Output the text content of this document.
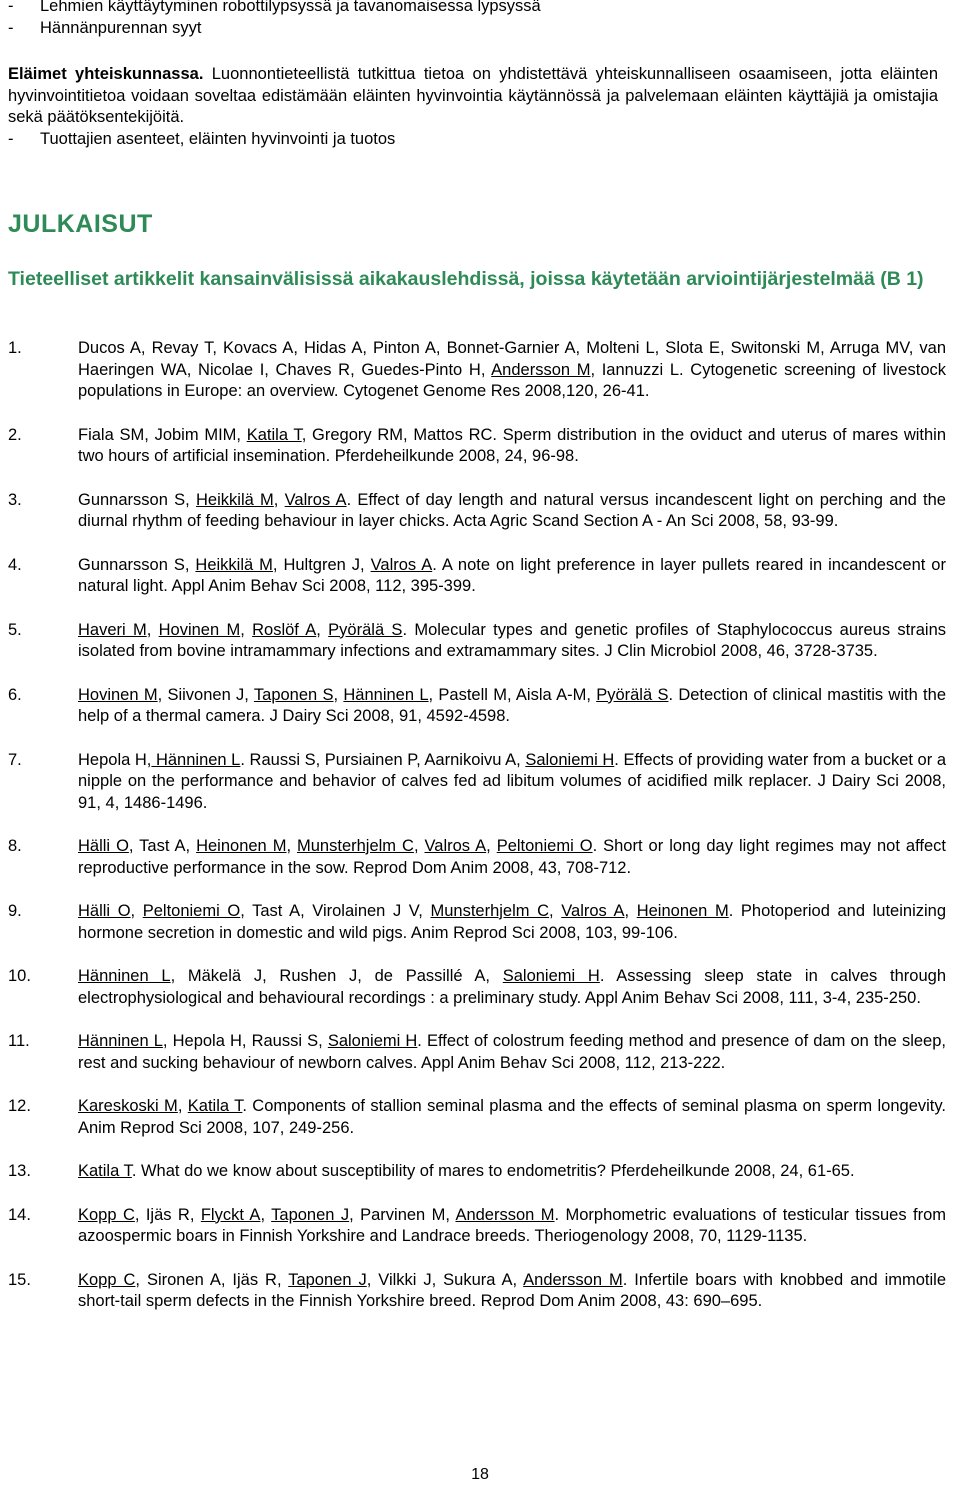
- Lehmien käyttäytyminen robottilypsyssä ja tavanomaisessa lypsyssä
- Hännänpurennan syyt
Eläimet yhteiskunnassa. Luonnontieteellistä tutkittua tietoa on yhdistettävä yhteiskunnalliseen osaamiseen, jotta eläinten hyvinvointitietoa voidaan soveltaa edistämään eläinten hyvinvointia käytännössä ja palvelemaan eläinten käyttäjiä ja omistajia sekä päätöksentekijöitä.
- Tuottajien asenteet, eläinten hyvinvointi ja tuotos
JULKAISUT
Tieteelliset artikkelit kansainvälisissä aikakauslehdissä, joissa käytetään arviointijärjestelmää (B 1)
1.	Ducos A, Revay T, Kovacs A, Hidas A, Pinton A, Bonnet-Garnier A, Molteni L, Slota E, Switonski M, Arruga MV, van Haeringen WA, Nicolae I, Chaves R, Guedes-Pinto H, Andersson M, Iannuzzi L. Cytogenetic screening of livestock populations in Europe: an overview. Cytogenet Genome Res 2008,120, 26-41.
2.	Fiala SM, Jobim MIM, Katila T, Gregory RM, Mattos RC. Sperm distribution in the oviduct and uterus of mares within two hours of artificial insemination. Pferdeheilkunde 2008, 24, 96-98.
3.	Gunnarsson S, Heikkilä M, Valros A. Effect of day length and natural versus incandescent light on perching and the diurnal rhythm of feeding behaviour in layer chicks. Acta Agric Scand Section A - An Sci 2008, 58, 93-99.
4.	Gunnarsson S, Heikkilä M, Hultgren J, Valros A. A note on light preference in layer pullets reared in incandescent or natural light. Appl Anim Behav Sci 2008, 112, 395-399.
5.	Haveri M, Hovinen M, Roslöf A, Pyörälä S. Molecular types and genetic profiles of Staphylococcus aureus strains isolated from bovine intramammary infections and extramammary sites. J Clin Microbiol 2008, 46, 3728-3735.
6.	Hovinen M, Siivonen J, Taponen S, Hänninen L, Pastell M, Aisla A-M, Pyörälä S. Detection of clinical mastitis with the help of a thermal camera. J Dairy Sci 2008, 91, 4592-4598.
7.	Hepola H, Hänninen L. Raussi S, Pursiainen P, Aarnikoivu A, Saloniemi H. Effects of providing water from a bucket or a nipple on the performance and behavior of calves fed ad libitum volumes of acidified milk replacer. J Dairy Sci 2008, 91, 4, 1486-1496.
8.	Hälli O, Tast A, Heinonen M, Munsterhjelm C, Valros A, Peltoniemi O. Short or long day light regimes may not affect reproductive performance in the sow. Reprod Dom Anim 2008, 43, 708-712.
9.	Hälli O, Peltoniemi O, Tast A, Virolainen J V, Munsterhjelm C, Valros A, Heinonen M. Photoperiod and luteinizing hormone secretion in domestic and wild pigs. Anim Reprod Sci 2008, 103, 99-106.
10.	Hänninen L, Mäkelä J, Rushen J, de Passillé A, Saloniemi H. Assessing sleep state in calves through electrophysiological and behavioural recordings : a preliminary study. Appl Anim Behav Sci 2008, 111, 3-4, 235-250.
11.	Hänninen L, Hepola H, Raussi S, Saloniemi H. Effect of colostrum feeding method and presence of dam on the sleep, rest and sucking behaviour of newborn calves. Appl Anim Behav Sci 2008, 112, 213-222.
12.	Kareskoski M, Katila T. Components of stallion seminal plasma and the effects of seminal plasma on sperm longevity. Anim Reprod Sci 2008, 107, 249-256.
13.	Katila T. What do we know about susceptibility of mares to endometritis? Pferdeheilkunde 2008, 24, 61-65.
14.	Kopp C, Ijäs R, Flyckt A, Taponen J, Parvinen M, Andersson M. Morphometric evaluations of testicular tissues from azoospermic boars in Finnish Yorkshire and Landrace breeds. Theriogenology 2008, 70, 1129-1135.
15.	Kopp C, Sironen A, Ijäs R, Taponen J, Vilkki J, Sukura A, Andersson M. Infertile boars with knobbed and immotile short-tail sperm defects in the Finnish Yorkshire breed. Reprod Dom Anim 2008, 43: 690–695.
18
